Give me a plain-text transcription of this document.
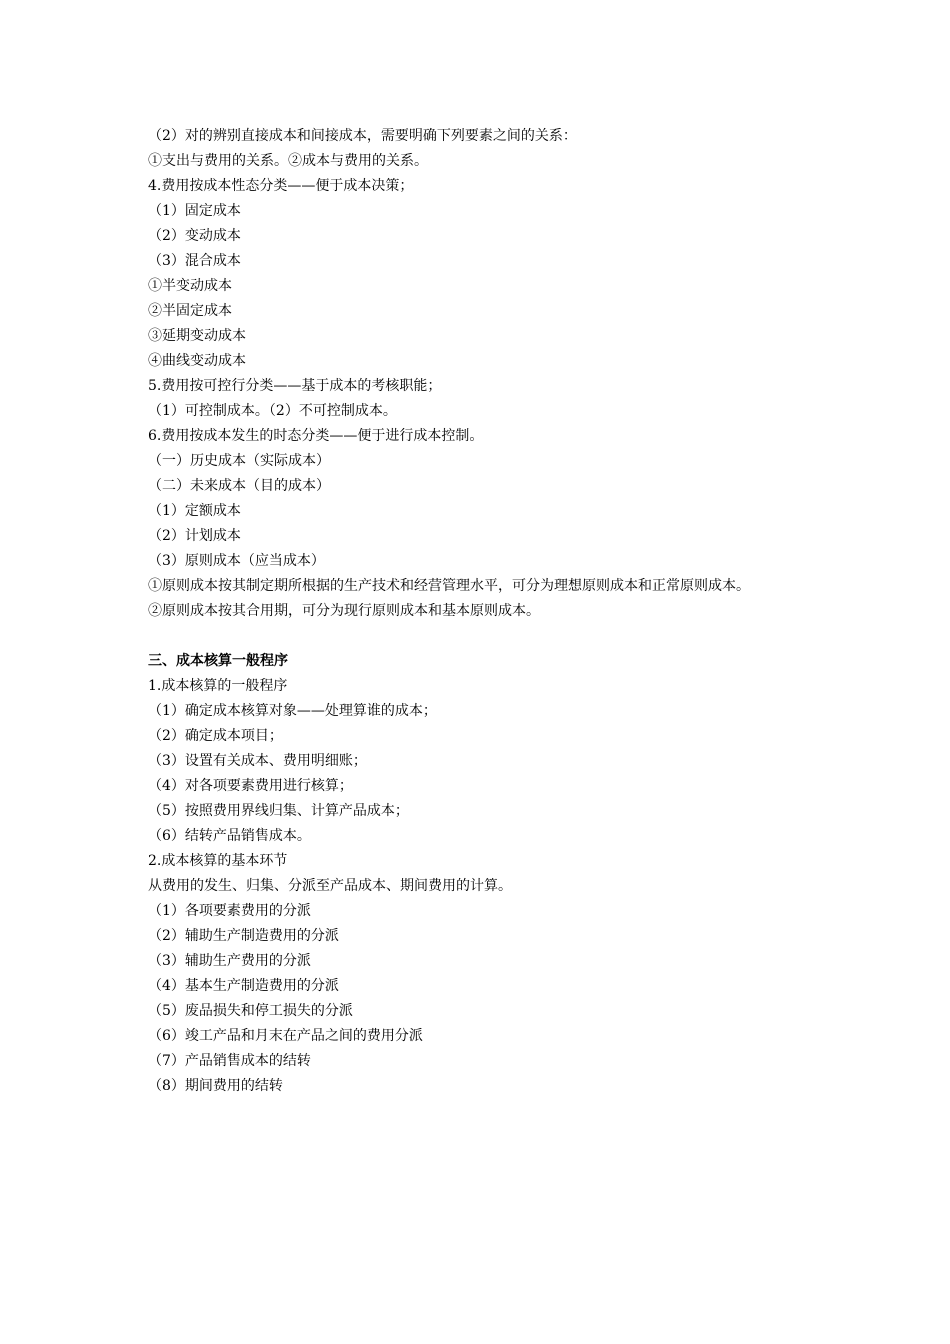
（2）对的辨别直接成本和间接成本，需要明确下列要素之间的关系：
①支出与费用的关系。②成本与费用的关系。
4.费用按成本性态分类——便于成本决策；
（1）固定成本
（2）变动成本
（3）混合成本
①半变动成本
②半固定成本
③延期变动成本
④曲线变动成本
5.费用按可控行分类——基于成本的考核职能；
（1）可控制成本。（2）不可控制成本。
6.费用按成本发生的时态分类——便于进行成本控制。
（一）历史成本（实际成本）
（二）未来成本（目的成本）
（1）定额成本
（2）计划成本
（3）原则成本（应当成本）

①原则成本按其制定期所根据的生产技术和经营管理水平，可分为理想原则成本和正常原则成本。

②原则成本按其合用期，可分为现行原则成本和基本原则成本。

三、成本核算一般程序
1.成本核算的一般程序
（1）确定成本核算对象——处理算谁的成本；
（2）确定成本项目；
（3）设置有关成本、费用明细账；
（4）对各项要素费用进行核算；
（5）按照费用界线归集、计算产品成本；
（6）结转产品销售成本。
2.成本核算的基本环节
从费用的发生、归集、分派至产品成本、期间费用的计算。
（1）各项要素费用的分派
（2）辅助生产制造费用的分派
（3）辅助生产费用的分派
（4）基本生产制造费用的分派
（5）废品损失和停工损失的分派
（6）竣工产品和月末在产品之间的费用分派
（7）产品销售成本的结转
（8）期间费用的结转
